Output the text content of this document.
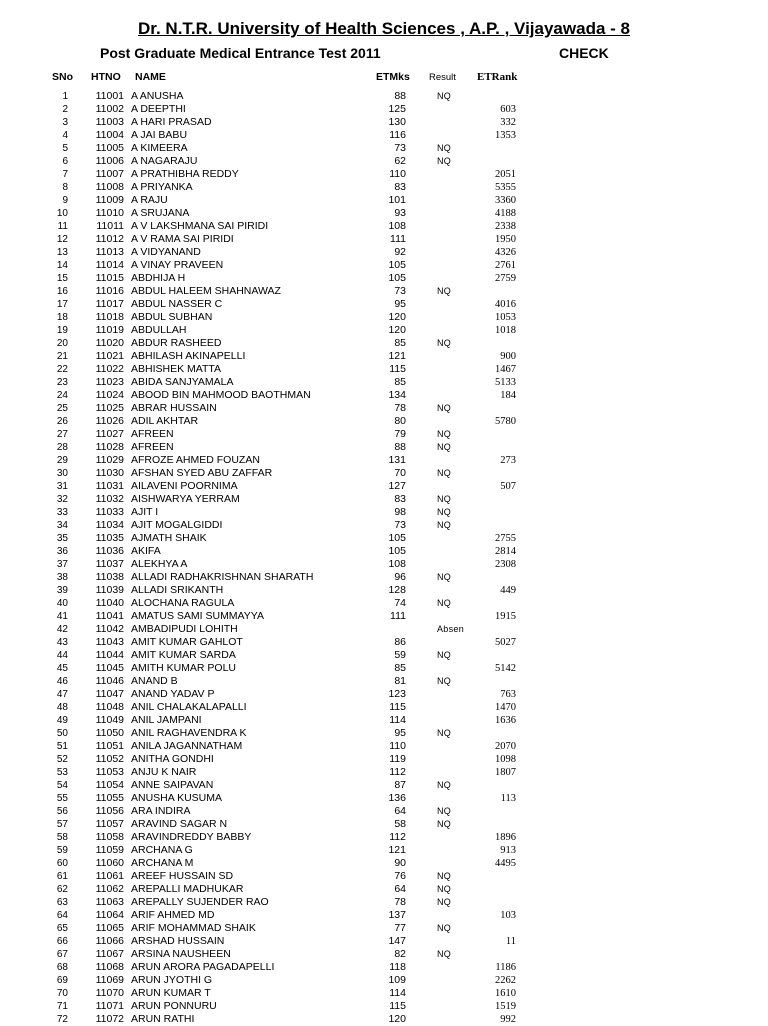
Dr. N.T.R. University of Health Sciences , A.P. , Vijayawada - 8
Post Graduate Medical Entrance Test 2011	CHECK
SNo HTNO NAME	ETMks Result ETRank
1	11001 A ANUSHA	88	NQ
2	11002 A DEEPTHI	125	603
3	11003 A HARI PRASAD	130	332
4	11004 A JAI BABU	116	1353
5	11005 A KIMEERA	73	NQ
6	11006 A NAGARAJU	62	NQ
7	11007 A PRATHIBHA REDDY	110	2051
8	11008 A PRIYANKA	83	5355
9	11009 A RAJU	101	3360
10	11010 A SRUJANA	93	4188
11	11011 A V LAKSHMANA SAI PIRIDI	108	2338
12	11012 A V RAMA SAI PIRIDI	111	1950
13	11013 A VIDYANAND	92	4326
14	11014 A VINAY PRAVEEN	105	2761
15	11015 ABDHIJA H	105	2759
16	11016 ABDUL HALEEM SHAHNAWAZ	73	NQ
17	11017 ABDUL NASSER C	95	4016
18	11018 ABDUL SUBHAN	120	1053
19	11019 ABDULLAH	120	1018
20	11020 ABDUR RASHEED	85	NQ
21	11021 ABHILASH AKINAPELLI	121	900
22	11022 ABHISHEK MATTA	115	1467
23	11023 ABIDA SANJYAMALA	85	5133
24	11024 ABOOD BIN MAHMOOD BAOTHMAN	134	184
25	11025 ABRAR HUSSAIN	78	NQ
26	11026 ADIL AKHTAR	80	5780
27	11027 AFREEN	79	NQ
28	11028 AFREEN	88	NQ
29	11029 AFROZE AHMED FOUZAN	131	273
30	11030 AFSHAN SYED ABU ZAFFAR	70	NQ
31	11031 AILAVENI POORNIMA	127	507
32	11032 AISHWARYA YERRAM	83	NQ
33	11033 AJIT I	98	NQ
34	11034 AJIT MOGALGIDDI	73	NQ
35	11035 AJMATH SHAIK	105	2755
36	11036 AKIFA	105	2814
37	11037 ALEKHYA A	108	2308
38	11038 ALLADI RADHAKRISHNAN SHARATH	96	NQ
39	11039 ALLADI SRIKANTH	128	449
40	11040 ALOCHANA RAGULA	74	NQ
41	11041 AMATUS SAMI SUMMAYYA	111	1915
42	11042 AMBADIPUDI LOHITH	Absen
43	11043 AMIT KUMAR GAHLOT	86	5027
44	11044 AMIT KUMAR SARDA	59	NQ
45	11045 AMITH KUMAR POLU	85	5142
46	11046 ANAND B	81	NQ
47	11047 ANAND YADAV P	123	763
48	11048 ANIL CHALAKALAPALLI	115	1470
49	11049 ANIL JAMPANI	114	1636
50	11050 ANIL RAGHAVENDRA K	95	NQ
51	11051 ANILA JAGANNATHAM	110	2070
52	11052 ANITHA GONDHI	119	1098
53	11053 ANJU K NAIR	112	1807
54	11054 ANNE SAIPAVAN	87	NQ
55	11055 ANUSHA KUSUMA	136	113
56	11056 ARA INDIRA	64	NQ
57	11057 ARAVIND SAGAR N	58	NQ
58	11058 ARAVINDREDDY BABBY	112	1896
59	11059 ARCHANA G	121	913
60	11060 ARCHANA M	90	4495
61	11061 AREEF HUSSAIN SD	76	NQ
62	11062 AREPALLI MADHUKAR	64	NQ
63	11063 AREPALLY SUJENDER RAO	78	NQ
64	11064 ARIF AHMED MD	137	103
65	11065 ARIF MOHAMMAD SHAIK	77	NQ
66	11066 ARSHAD HUSSAIN	147	11
67	11067 ARSINA NAUSHEEN	82	NQ
68	11068 ARUN ARORA PAGADAPELLI	118	1186
69	11069 ARUN JYOTHI G	109	2262
70	11070 ARUN KUMAR T	114	1610
71	11071 ARUN PONNURU	115	1519
72	11072 ARUN RATHI	120	992
